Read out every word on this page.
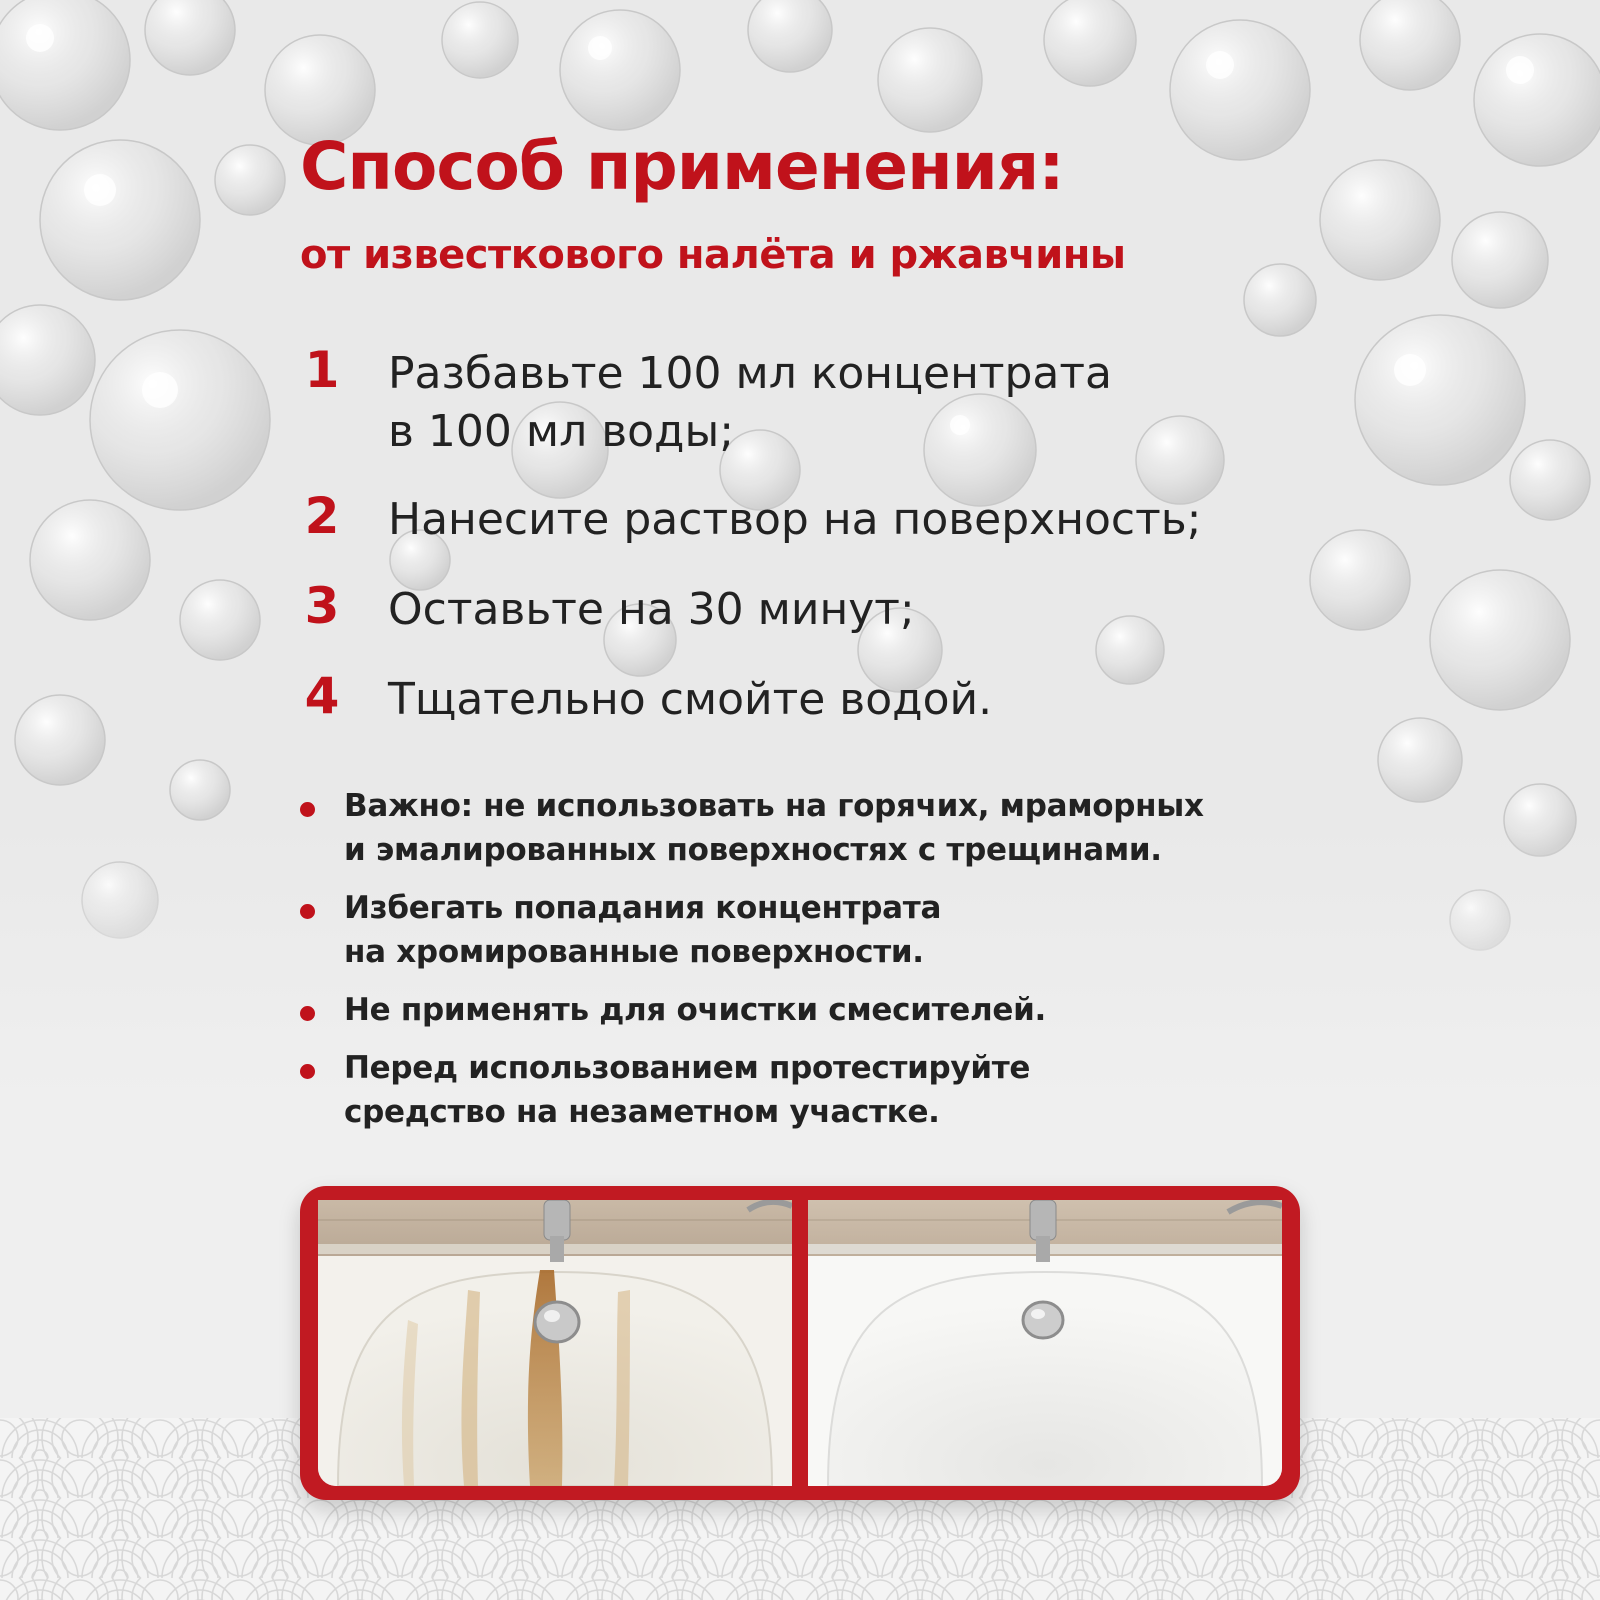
Способ применения:
от известкового налёта и ржавчины
1 Разбавьте 100 мл концентрата
в 100 мл воды;
2 Нанесите раствор на поверхность;
3 Оставьте на 30 минут;
4 Тщательно смойте водой.
Важно: не использовать на горячих, мраморных
и эмалированных поверхностях с трещинами.
Избегать попадания концентрата
на хромированные поверхности.
Не применять для очистки смесителей.
Перед использованием протестируйте
средство на незаметном участке.
